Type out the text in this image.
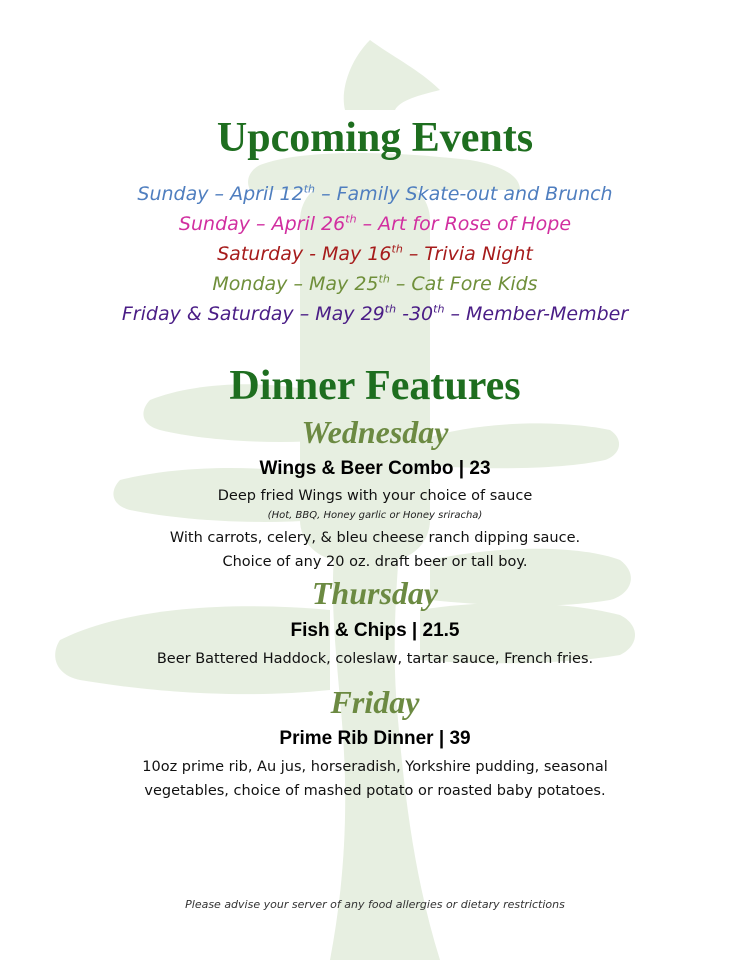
Upcoming Events
Sunday – April 12th – Family Skate-out and Brunch
Sunday – April 26th – Art for Rose of Hope
Saturday - May 16th – Trivia Night
Monday – May 25th – Cat Fore Kids
Friday & Saturday – May 29th -30th – Member-Member
Dinner Features
Wednesday
Wings & Beer Combo | 23
Deep fried Wings with your choice of sauce
(Hot, BBQ, Honey garlic or Honey sriracha)
With carrots, celery, & bleu cheese ranch dipping sauce.
Choice of any 20 oz. draft beer or tall boy.
Thursday
Fish & Chips | 21.5
Beer Battered Haddock, coleslaw, tartar sauce, French fries.
Friday
Prime Rib Dinner | 39
10oz prime rib, Au jus, horseradish, Yorkshire pudding, seasonal
vegetables, choice of mashed potato or roasted baby potatoes.
Please advise your server of any food allergies or dietary restrictions
